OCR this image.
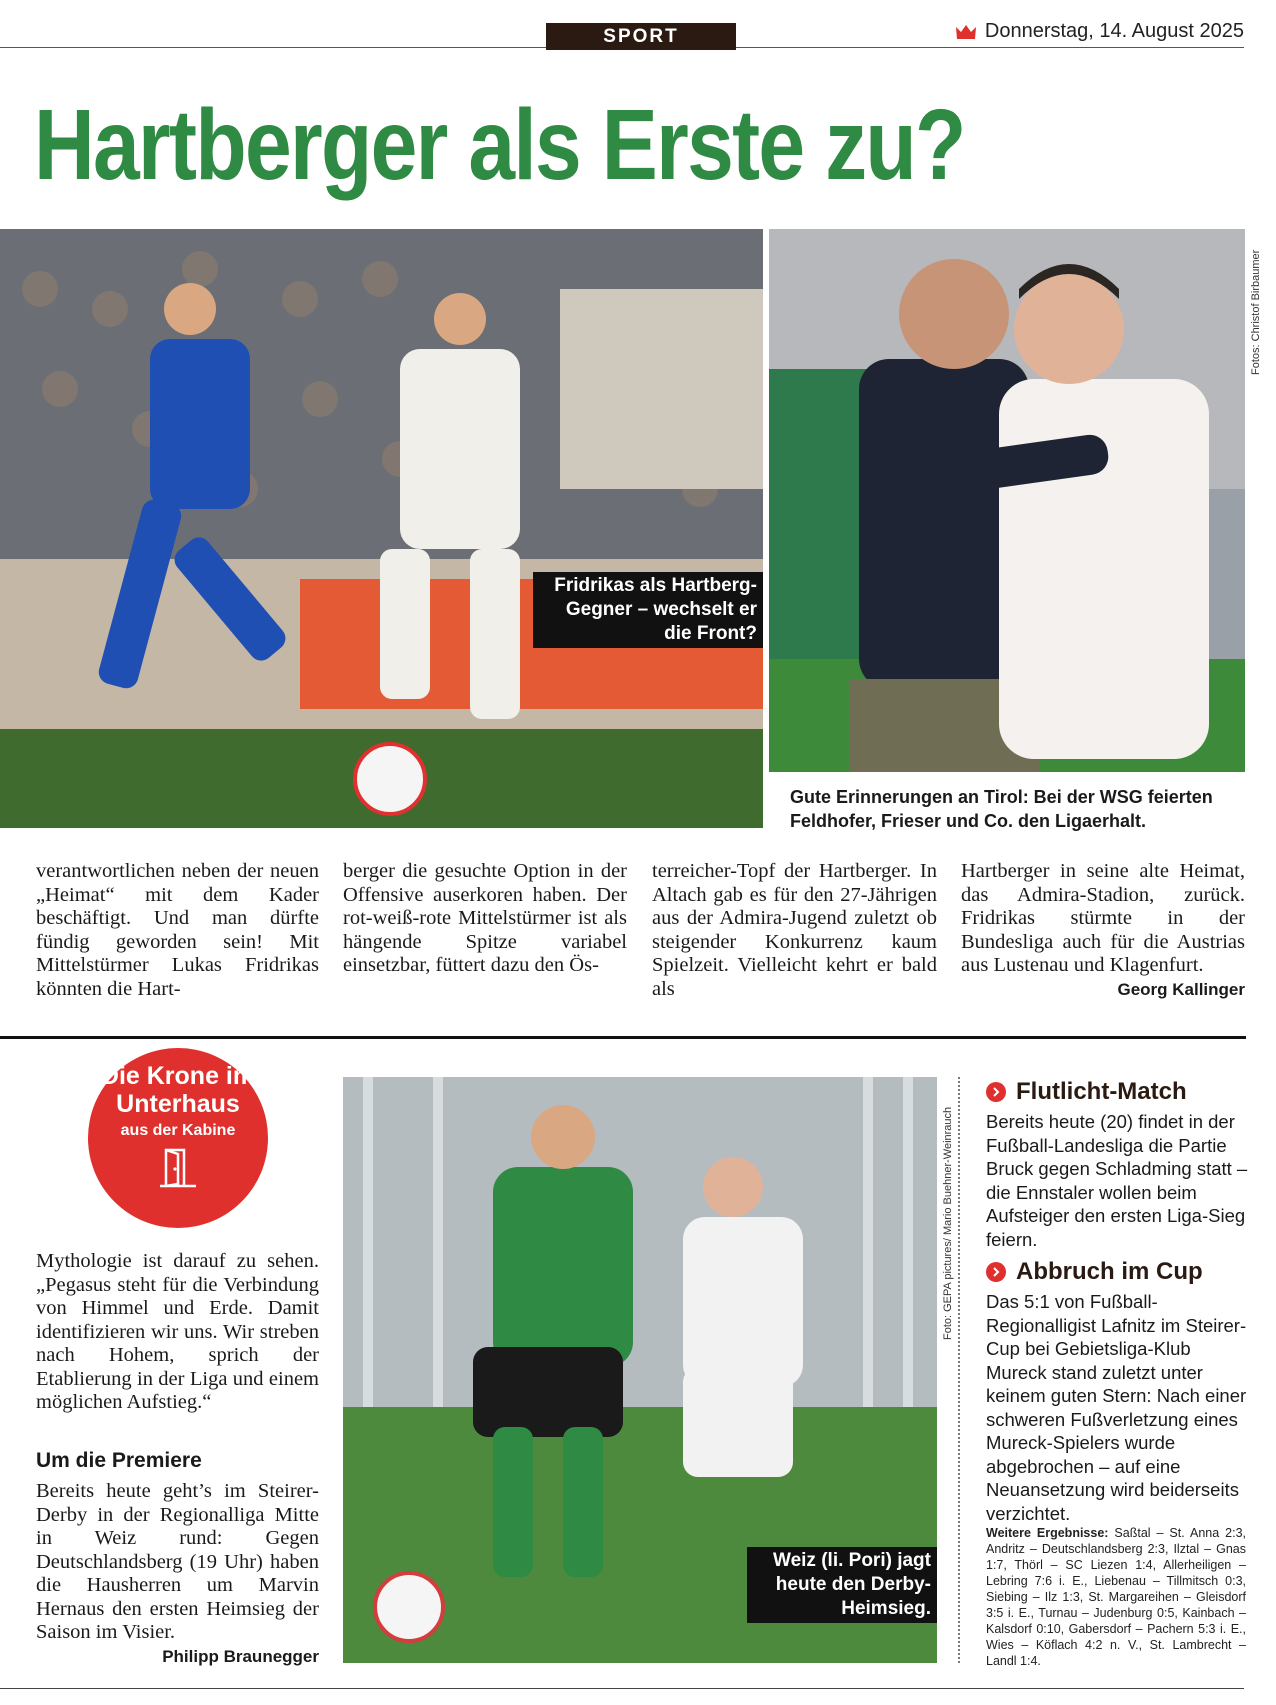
SPORT	Donnerstag, 14. August 2025
Hartberger als Erste zu?
Fridrikas als Hartberg-Gegner – wechselt er die Front?
Fotos: Christof Birbaumer
Gute Erinnerungen an Tirol: Bei der WSG feierten Feldhofer, Frieser und Co. den Ligaerhalt.

verantwortlichen neben der neuen „Heimat“ mit dem Kader beschäftigt. Und man dürfte fündig geworden sein! Mit Mittelstürmer Lukas Fridrikas könnten die Hart-

berger die gesuchte Option in der Offensive auserkoren haben. Der rot-weiß-rote Mittelstürmer ist als hängende Spitze variabel einsetzbar, füttert dazu den Ös-

terreicher-Topf der Hartberger. In Altach gab es für den 27-Jährigen aus der Admira-Jugend zuletzt ob steigender Konkurrenz kaum Spielzeit. Vielleicht kehrt er bald als

Hartberger in seine alte Heimat, das Admira-Stadion, zurück. Fridrikas stürmte in der Bundesliga auch für die Austrias aus Lustenau und Klagenfurt.
Georg Kallinger

Die Krone im Unterhaus
aus der Kabine

Mythologie ist darauf zu sehen. „Pegasus steht für die Verbindung von Himmel und Erde. Damit identifizieren wir uns. Wir streben nach Hohem, sprich der Etablierung in der Liga und einem möglichen Aufstieg.“

Um die Premiere

Bereits heute geht’s im Steirer-Derby in der Regionalliga Mitte in Weiz rund: Gegen Deutschlandsberg (19 Uhr) haben die Hausherren um Marvin Hernaus den ersten Heimsieg der Saison im Visier.
Philipp Braunegger

Foto: GEPA pictures/ Mario Buehner-Weinrauch
Weiz (li. Pori) jagt heute den Derby-Heimsieg.
Flutlicht-Match

Bereits heute (20) findet in der Fußball-Landesliga die Partie Bruck gegen Schladming statt – die Ennstaler wollen beim Aufsteiger den ersten Liga-Sieg feiern.

Abbruch im Cup

Das 5:1 von Fußball-Regionalligist Lafnitz im Steirer-Cup bei Gebietsliga-Klub Mureck stand zuletzt unter keinem guten Stern: Nach einer schweren Fußverletzung eines Mureck-Spielers wurde abgebrochen – auf eine Neuansetzung wird beiderseits verzichtet.

Weitere Ergebnisse: Saßtal – St. Anna 2:3, Andritz – Deutschlandsberg 2:3, Ilztal – Gnas 1:7, Thörl – SC Liezen 1:4, Allerheiligen – Lebring 7:6 i. E., Liebenau – Tillmitsch 0:3, Siebing – Ilz 1:3, St. Margareihen – Gleisdorf 3:5 i. E., Turnau – Judenburg 0:5, Kainbach – Kalsdorf 0:10, Gabersdorf – Pachern 5:3 i. E., Wies – Köflach 4:2 n. V., St. Lambrecht – Landl 1:4.
